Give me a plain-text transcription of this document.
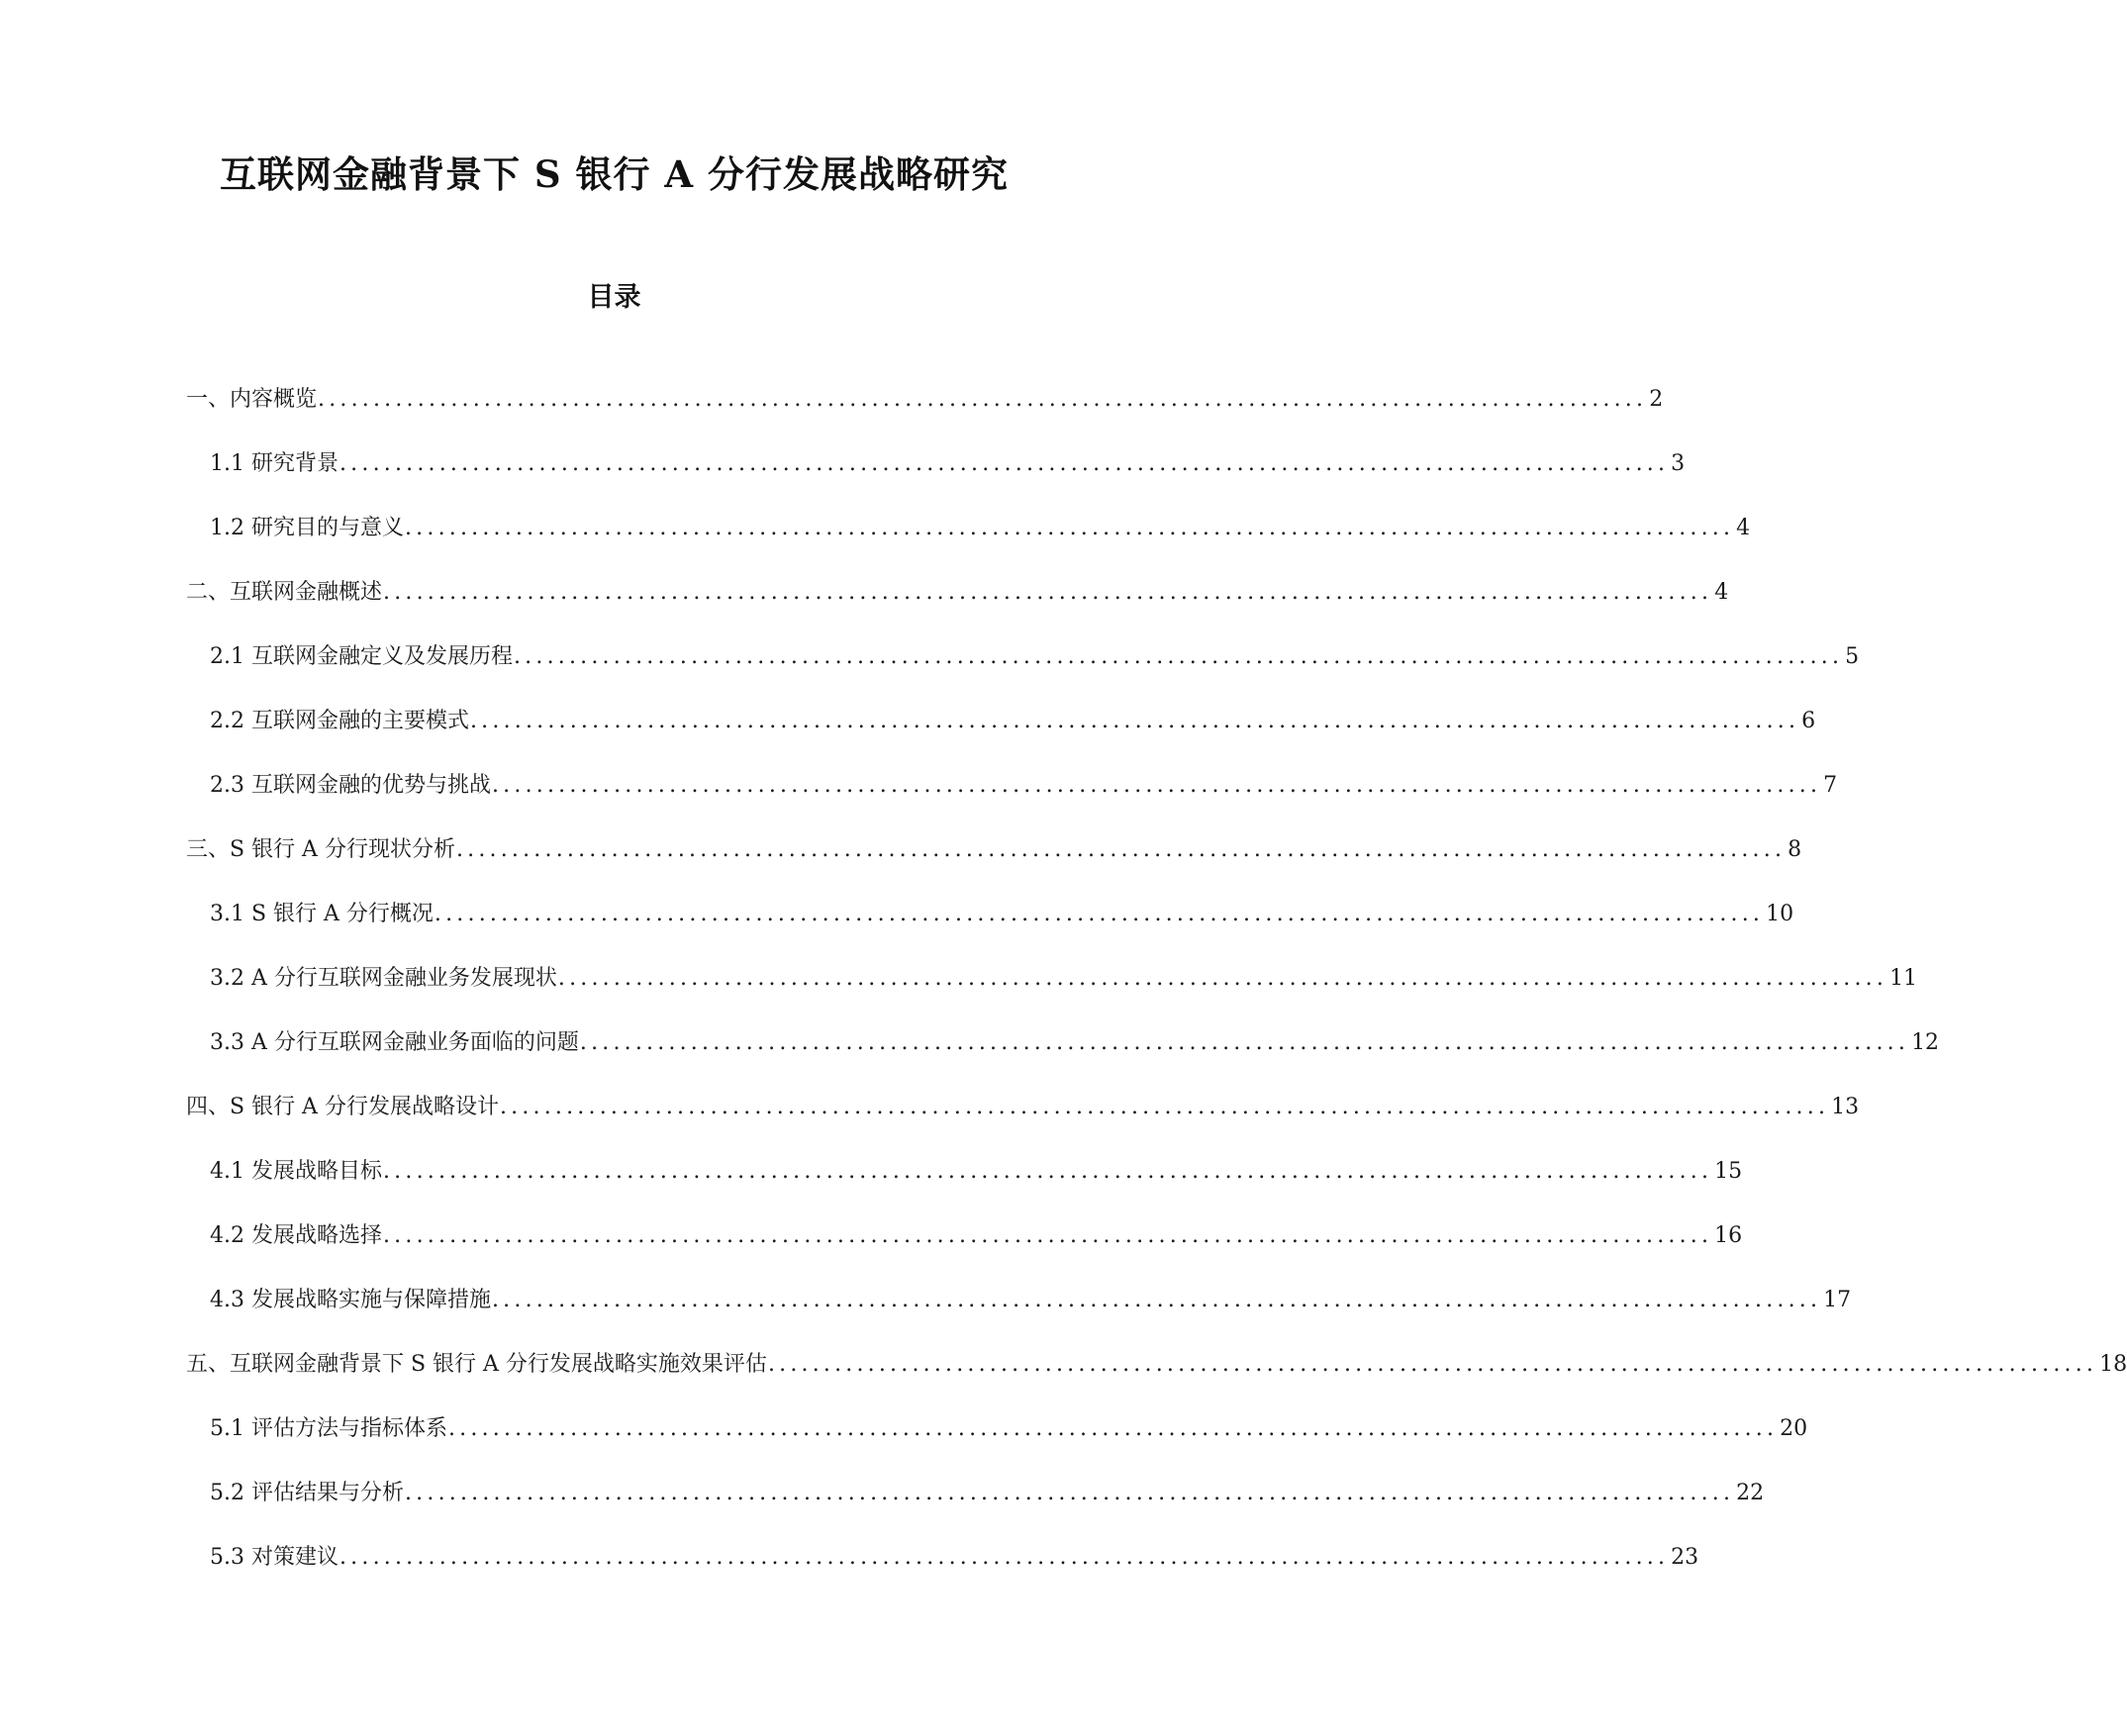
互联网金融背景下 S 银行 A 分行发展战略研究
目录
一、内容概览 ........................................................................................................................ 2
1.1 研究背景 ........................................................................................................................ 3
1.2 研究目的与意义 ........................................................................................................................ 4
二、互联网金融概述 ........................................................................................................................ 4
2.1 互联网金融定义及发展历程 ........................................................................................................................ 5
2.2 互联网金融的主要模式 ........................................................................................................................ 6
2.3 互联网金融的优势与挑战 ........................................................................................................................ 7
三、S 银行 A 分行现状分析 ........................................................................................................................ 8
3.1 S 银行 A 分行概况 ........................................................................................................................ 10
3.2 A 分行互联网金融业务发展现状 ........................................................................................................................ 11
3.3 A 分行互联网金融业务面临的问题 ........................................................................................................................ 12
四、S 银行 A 分行发展战略设计 ........................................................................................................................ 13
4.1 发展战略目标 ........................................................................................................................ 15
4.2 发展战略选择 ........................................................................................................................ 16
4.3 发展战略实施与保障措施 ........................................................................................................................ 17
五、互联网金融背景下 S 银行 A 分行发展战略实施效果评估 ........................................................................................................................ 18
5.1 评估方法与指标体系 ........................................................................................................................ 20
5.2 评估结果与分析 ........................................................................................................................ 22
5.3 对策建议 ........................................................................................................................ 23
